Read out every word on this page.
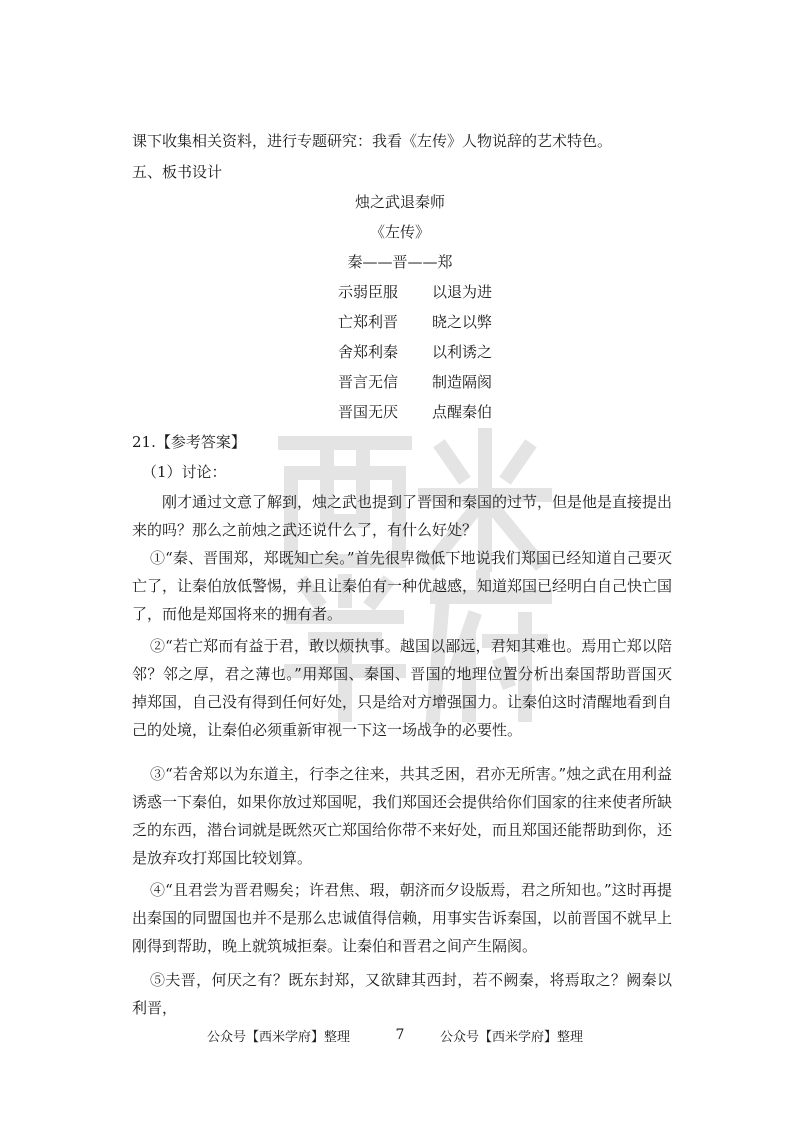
课下收集相关资料，进行专题研究：我看《左传》人物说辞的艺术特色。
五、板书设计
烛之武退秦师
《左传》
秦——晋——郑
示弱臣服 以退为进
亡郑利晋 晓之以弊
舍郑利秦 以利诱之
晋言无信 制造隔阂
晋国无厌 点醒秦伯
21.【参考答案】
（1）讨论：
刚才通过文意了解到，烛之武也提到了晋国和秦国的过节，但是他是直接提出来的吗？那么之前烛之武还说什么了，有什么好处？
①“秦、晋围郑，郑既知亡矣。”首先很卑微低下地说我们郑国已经知道自己要灭亡了，让秦伯放低警惕，并且让秦伯有一种优越感，知道郑国已经明白自己快亡国了，而他是郑国将来的拥有者。
②“若亡郑而有益于君，敢以烦执事。越国以鄙远，君知其难也。焉用亡郑以陪邻？邻之厚，君之薄也。”用郑国、秦国、晋国的地理位置分析出秦国帮助晋国灭掉郑国，自己没有得到任何好处，只是给对方增强国力。让秦伯这时清醒地看到自己的处境，让秦伯必须重新审视一下这一场战争的必要性。
③“若舍郑以为东道主，行李之往来，共其乏困，君亦无所害。”烛之武在用利益诱惑一下秦伯，如果你放过郑国呢，我们郑国还会提供给你们国家的往来使者所缺乏的东西，潜台词就是既然灭亡郑国给你带不来好处，而且郑国还能帮助到你，还是放弃攻打郑国比较划算。
④“且君尝为晋君赐矣；许君焦、瑕，朝济而夕设版焉，君之所知也。”这时再提出秦国的同盟国也并不是那么忠诚值得信赖，用事实告诉秦国，以前晋国不就早上刚得到帮助，晚上就筑城拒秦。让秦伯和晋君之间产生隔阂。
⑤夫晋，何厌之有？既东封郑，又欲肆其西封，若不阙秦，将焉取之？阙秦以利晋，
公众号【西米学府】整理	7	公众号【西米学府】整理
